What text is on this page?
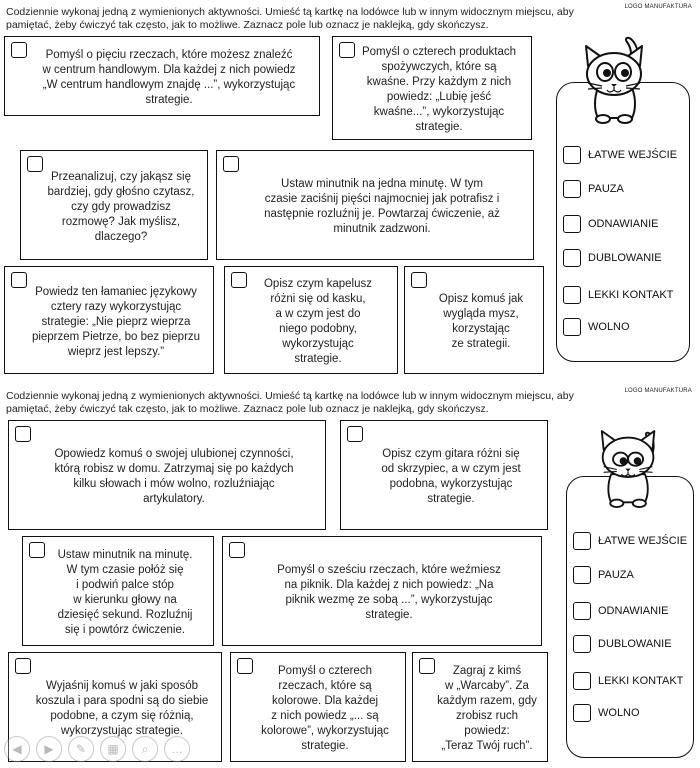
Codziennie wykonaj jedną z wymienionych aktywności. Umieść tą kartkę na lodówce lub w innym widocznym miejscu, aby pamiętać, żeby ćwiczyć tak często, jak to możliwe. Zaznacz pole lub oznacz je naklejką, gdy skończysz.
LOGO MANUFAKTURA
Pomyśl o pięciu rzeczach, które możesz znaleźć
w centrum handlowym. Dla każdej z nich powiedz
„W centrum handlowym znajdę ...”, wykorzystując
strategie.
Pomyśl o czterech produktach
spożywczych, które są
kwaśne. Przy każdym z nich
powiedz: „Lubię jeść
kwaśne...”, wykorzystując
strategie.
Przeanalizuj, czy jakąsz się
bardziej, gdy głośno czytasz,
czy gdy prowadzisz
rozmowę? Jak myślisz,
dlaczego?
Ustaw minutnik na jedna minutę. W tym
czasie zaciśnij pięści najmocniej jak potrafisz i
następnie rozluźnij je. Powtarzaj ćwiczenie, aż
minutnik zadzwoni.
Powiedz ten łamaniec językowy
cztery razy wykorzystując
strategie: „Nie pieprz wieprza
pieprzem Pietrze, bo bez pieprzu
wieprz jest lepszy.”
Opisz czym kapelusz
różni się od kasku,
a w czym jest do
niego podobny,
wykorzystując
strategie.
Opisz komuś jak
wygląda mysz,
korzystając
ze strategii.
ŁATWE WEJŚCIE
PAUZA
ODNAWIANIE
DUBLOWANIE
LEKKI KONTAKT
WOLNO
Codziennie wykonaj jedną z wymienionych aktywności. Umieść tą kartkę na lodówce lub w innym widocznym miejscu, aby pamiętać, żeby ćwiczyć tak często, jak to możliwe. Zaznacz pole lub oznacz je naklejką, gdy skończysz.
LOGO MANUFAKTURA
Opowiedz komuś o swojej ulubionej czynności,
którą robisz w domu. Zatrzymaj się po każdych
kilku słowach i mów wolno, rozluźniając
artykulatory.
Opisz czym gitara różni się
od skrzypiec, a w czym jest
podobna, wykorzystując
strategie.
Ustaw minutnik na minutę.
W tym czasie połóż się
i podwiń palce stóp
w kierunku głowy na
dziesięć sekund. Rozluźnij
się i powtórz ćwiczenie.
Pomyśl o sześciu rzeczach, które weźmiesz
na piknik. Dla każdej z nich powiedz: „Na
piknik wezmę ze sobą ...”, wykorzystując
strategie.
Wyjaśnij komuś w jaki sposób
koszula i para spodni są do siebie
podobne, a czym się różnią,
wykorzystując strategie.
Pomyśl o czterech
rzeczach, które są
kolorowe. Dla każdej
z nich powiedz „... są
kolorowe”, wykorzystując
strategie.
Zagraj z kimś
w „Warcaby”. Za
każdym razem, gdy
zrobisz ruch powiedz:
„Teraz Twój ruch”.
ŁATWE WEJŚCIE
PAUZA
ODNAWIANIE
DUBLOWANIE
LEKKI KONTAKT
WOLNO
◀	▶	✎	▦	⌕	…
